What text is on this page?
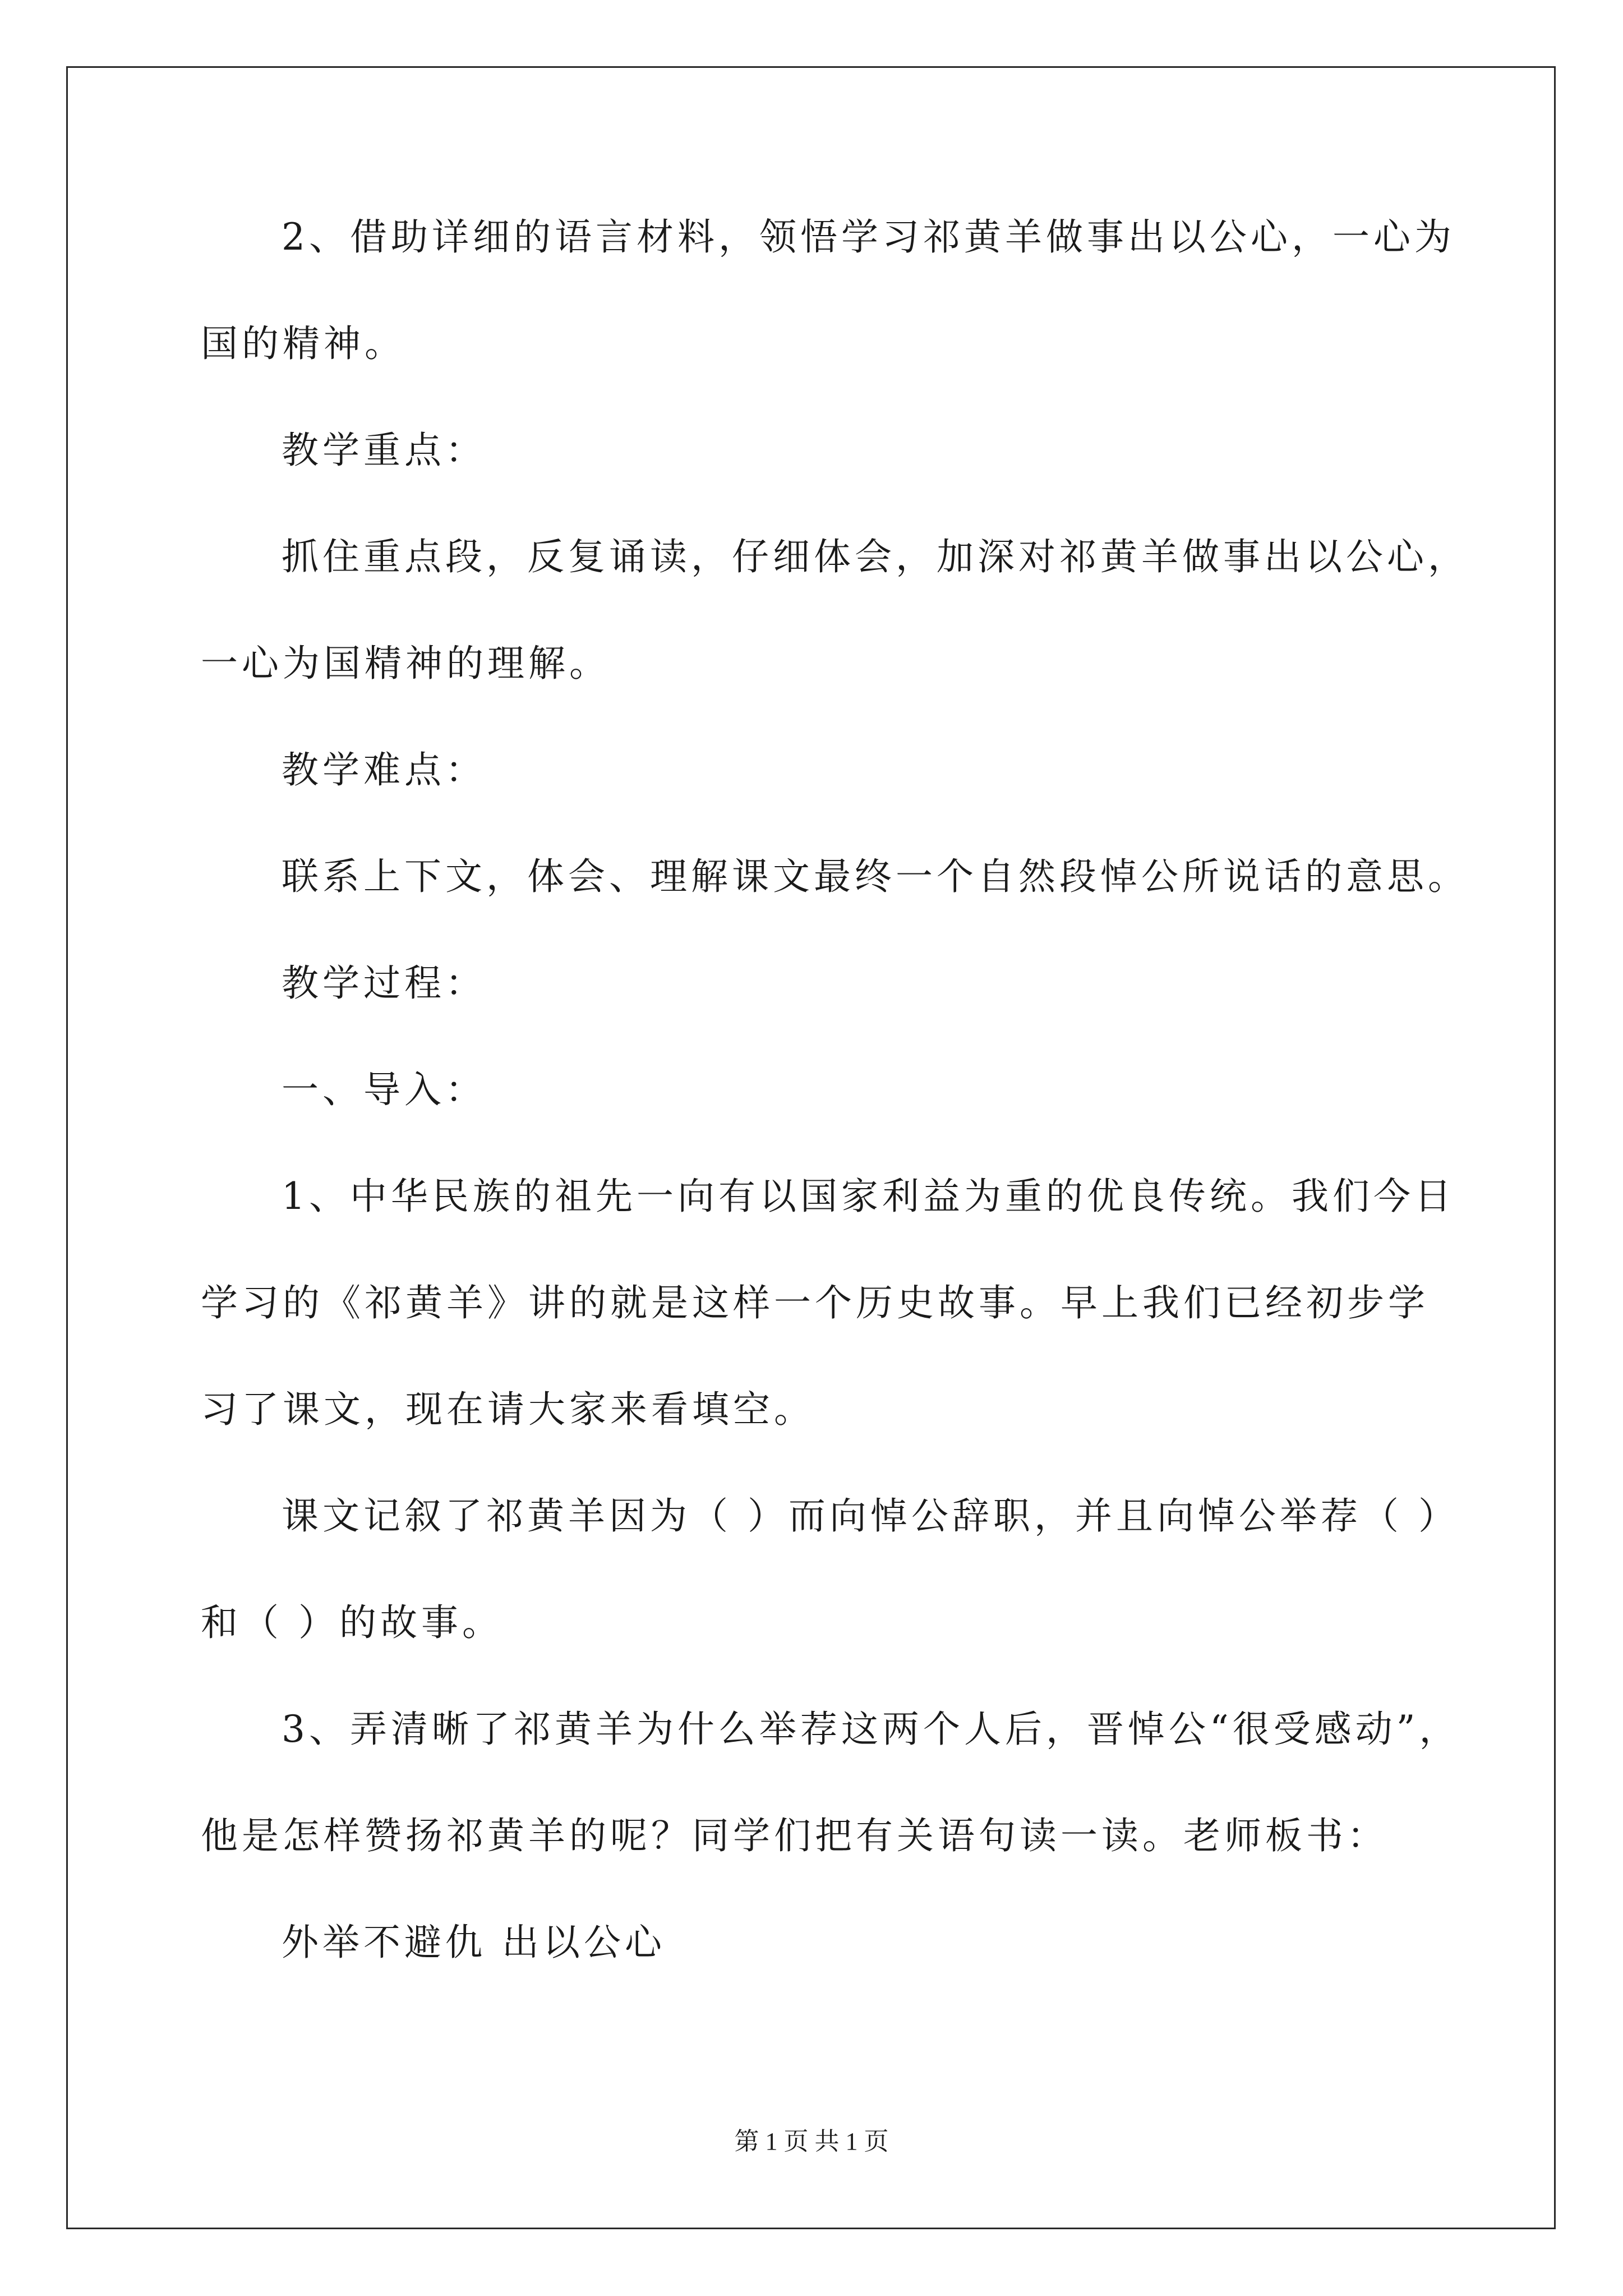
2、借助详细的语言材料，领悟学习祁黄羊做事出以公心，一心为
国的精神。
教学重点：
抓住重点段，反复诵读，仔细体会，加深对祁黄羊做事出以公心，
一心为国精神的理解。
教学难点：
联系上下文，体会、理解课文最终一个自然段悼公所说话的意思。
教学过程：
一、导入：
1、中华民族的祖先一向有以国家利益为重的优良传统。我们今日
学习的《祁黄羊》讲的就是这样一个历史故事。早上我们已经初步学
习了课文，现在请大家来看填空。
课文记叙了祁黄羊因为（ ）而向悼公辞职，并且向悼公举荐（ ）
和（ ）的故事。
3、弄清晰了祁黄羊为什么举荐这两个人后，晋悼公“很受感动”，
他是怎样赞扬祁黄羊的呢？同学们把有关语句读一读。老师板书：
外举不避仇 出以公心
第 1 页 共 1 页
